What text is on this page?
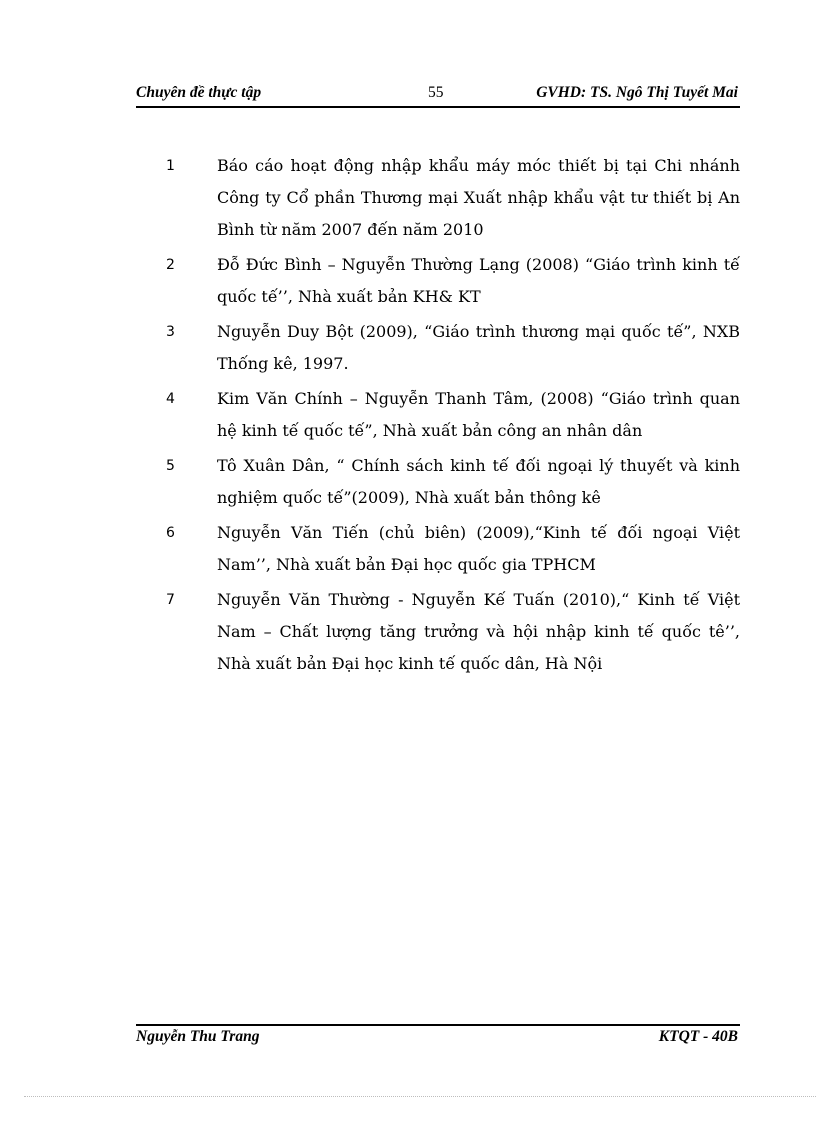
Chuyên đề thực tập	55	GVHD: TS. Ngô Thị Tuyết Mai
1	Báo cáo hoạt động nhập khẩu máy móc thiết bị tại Chi nhánh Công ty Cổ phần Thương mại Xuất nhập khẩu vật tư thiết bị An Bình từ năm 2007 đến năm 2010
2	Đỗ Đức Bình – Nguyễn Thường Lạng (2008) “Giáo trình kinh tế quốc tế’’, Nhà xuất bản KH& KT
3	Nguyễn Duy Bột (2009), “Giáo trình thương mại quốc tế”, NXB Thống kê, 1997.
4	Kim Văn Chính – Nguyễn Thanh Tâm, (2008) “Giáo trình quan hệ kinh tế quốc tế”, Nhà xuất bản công an nhân dân
5	Tô Xuân Dân, “ Chính sách kinh tế đối ngoại lý thuyết và kinh nghiệm quốc tế”(2009), Nhà xuất bản thông kê
6	Nguyễn Văn Tiến (chủ biên) (2009),“Kinh tế đối ngoại Việt Nam’’, Nhà xuất bản Đại học quốc gia TPHCM
7	Nguyễn Văn Thường - Nguyễn Kế Tuấn (2010),“ Kinh tế Việt Nam – Chất lượng tăng trưởng và hội nhập kinh tế quốc tê’’, Nhà xuất bản Đại học kinh tế quốc dân, Hà Nội
Nguyễn Thu Trang	KTQT - 40B
